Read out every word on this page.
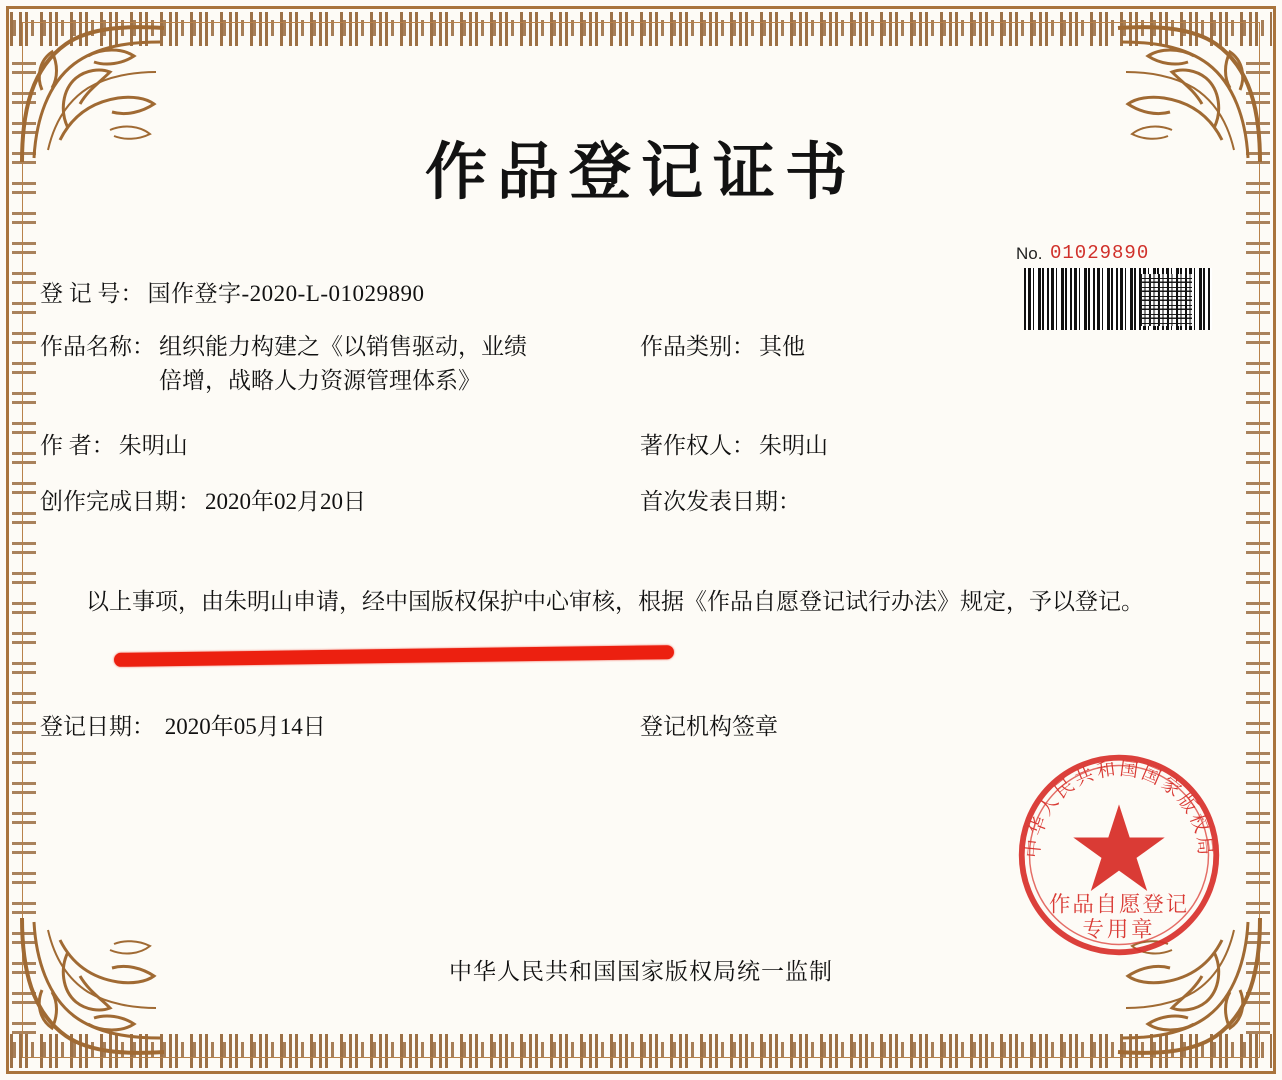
作品登记证书
No. 01029890
登 记 号： 国作登字-2020-L-01029890
作品名称： 组织能力构建之《以销售驱动，业绩
倍增，战略人力资源管理体系》
作品类别： 其他
作 者： 朱明山	著作权人： 朱明山
创作完成日期： 2020年02月20日	首次发表日期：
以上事项，由朱明山申请，经中国版权保护中心审核，根据《作品自愿登记试行办法》规定，予以登记。
登记日期： 2020年05月14日	登记机构签章
中华人民共和国国家版权局统一监制
中华人民共和国国家版权局
作品自愿登记
专用章
